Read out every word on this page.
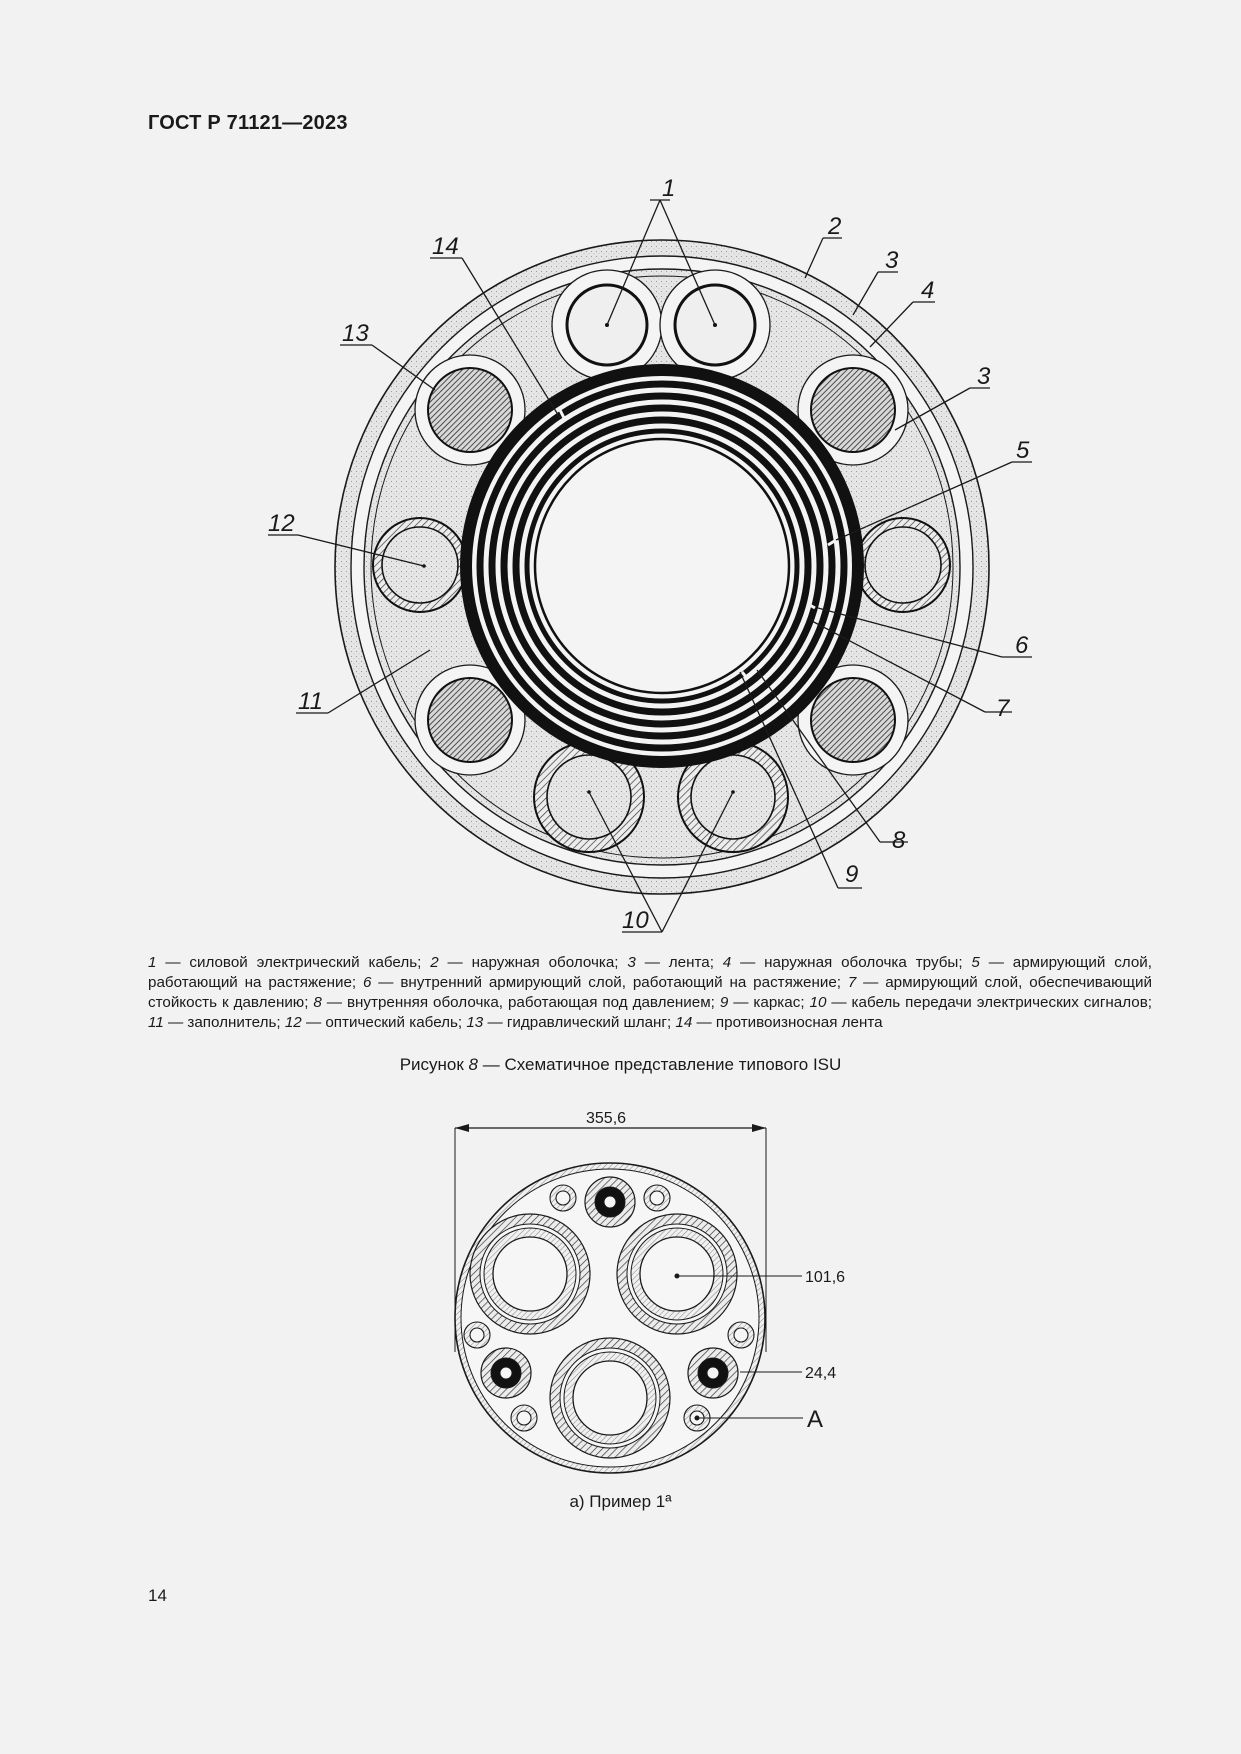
ГОСТ Р 71121—2023
1
2
3
4
3
5
6
7
8
9
10
11
12
13
14
355,6
101,6
24,4
А
1 — силовой электрический кабель; 2 — наружная оболочка; 3 — лента; 4 — наружная оболочка трубы; 5 — армирующий слой, работающий на растяжение; 6 — внутренний армирующий слой, работающий на растяжение; 7 — армирующий слой, обеспечивающий стойкость к давлению; 8 — внутренняя оболочка, работающая под давлением; 9 — каркас; 10 — кабель передачи электрических сигналов; 11 — заполнитель; 12 — оптический кабель; 13 — гидравлический шланг; 14 — противоизносная лента
Рисунок 8 — Схематичное представление типового ISU
а) Пример 1ª
14
